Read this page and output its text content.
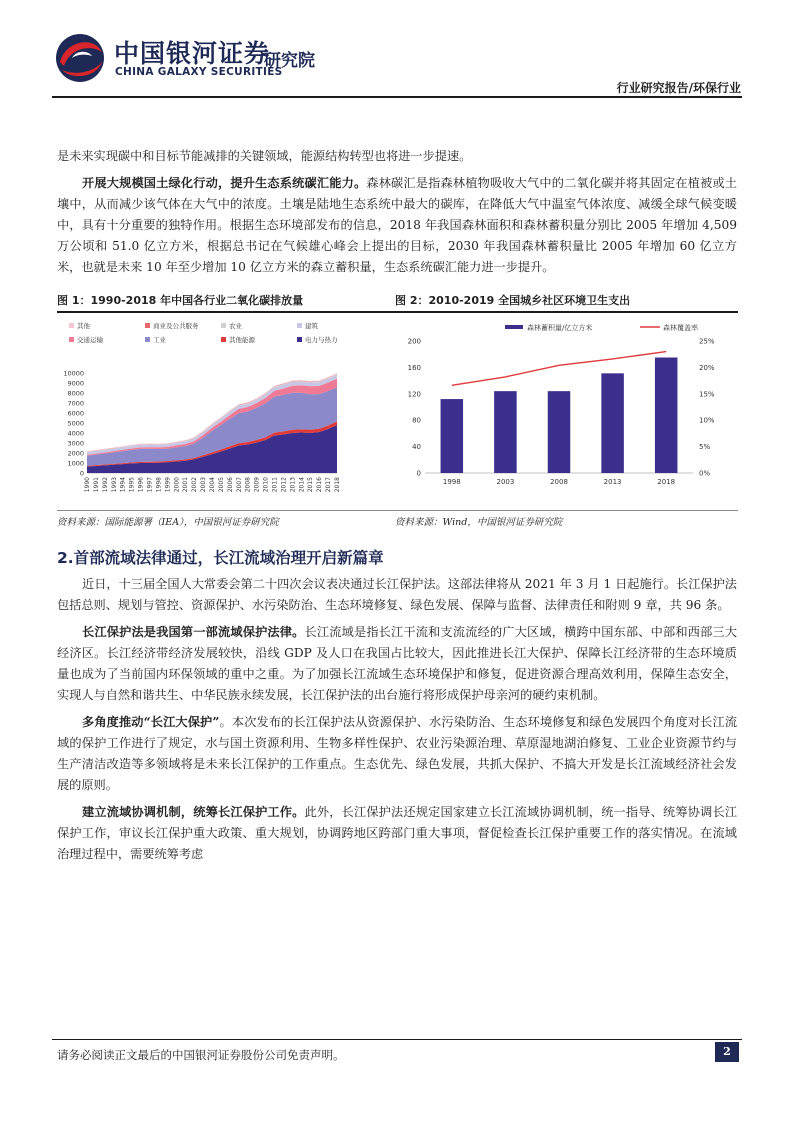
中国银河证券
CHINA GALAXY SECURITIES
研究院
行业研究报告/环保行业

是未来实现碳中和目标节能减排的关键领域，能源结构转型也将进一步提速。

开展大规模国土绿化行动，提升生态系统碳汇能力。森林碳汇是指森林植物吸收大气中的二氧化碳并将其固定在植被或土壤中，从而减少该气体在大气中的浓度。土壤是陆地生态系统中最大的碳库，在降低大气中温室气体浓度、减缓全球气候变暖中，具有十分重要的独特作用。根据生态环境部发布的信息，2018 年我国森林面积和森林蓄积量分别比 2005 年增加 4,509 万公顷和 51.0 亿立方米，根据总书记在气候雄心峰会上提出的目标，2030 年我国森林蓄积量比 2005 年增加 60 亿立方米，也就是未来 10 年至少增加 10 亿立方米的森立蓄积量，生态系统碳汇能力进一步提升。

图 1：1990-2018 年中国各行业二氧化碳排放量
其他	商业及公共服务	农业	建筑
交通运输	工业	其他能源	电力与热力
0
1000
2000
3000
4000
5000
6000
7000
8000
9000
10000
1990 1991 1992 1993 1994 1995 1996 1997 1998 1999 2000 2001 2002 2003 2004 2005 2006 2007 2008 2009 2010 2011 2012 2013 2014 2015 2016 2017 2018
资料来源：国际能源署（IEA），中国银河证券研究院
图 2：2010-2019 全国城乡社区环境卫生支出
森林蓄积量/亿立方米	森林覆盖率
0
40
80
120
160
200
0%
5%
10%
15%
20%
25%
1998	2003	2008	2013	2018
资料来源：Wind，中国银河证券研究院
2.首部流域法律通过，长江流域治理开启新篇章

近日，十三届全国人大常委会第二十四次会议表决通过长江保护法。这部法律将从 2021 年 3 月 1 日起施行。长江保护法包括总则、规划与管控、资源保护、水污染防治、生态环境修复、绿色发展、保障与监督、法律责任和附则 9 章，共 96 条。

长江保护法是我国第一部流域保护法律。长江流域是指长江干流和支流流经的广大区域，横跨中国东部、中部和西部三大经济区。长江经济带经济发展较快，沿线 GDP 及人口在我国占比较大，因此推进长江大保护、保障长江经济带的生态环境质量也成为了当前国内环保领域的重中之重。为了加强长江流域生态环境保护和修复，促进资源合理高效利用，保障生态安全，实现人与自然和谐共生、中华民族永续发展，长江保护法的出台施行将形成保护母亲河的硬约束机制。

多角度推动“长江大保护”。本次发布的长江保护法从资源保护、水污染防治、生态环境修复和绿色发展四个角度对长江流域的保护工作进行了规定，水与国土资源利用、生物多样性保护、农业污染源治理、草原湿地湖泊修复、工业企业资源节约与生产清洁改造等多领域将是未来长江保护的工作重点。生态优先、绿色发展，共抓大保护、不搞大开发是长江流域经济社会发展的原则。

建立流域协调机制，统筹长江保护工作。此外，长江保护法还规定国家建立长江流域协调机制，统一指导、统筹协调长江保护工作，审议长江保护重大政策、重大规划，协调跨地区跨部门重大事项，督促检查长江保护重要工作的落实情况。在流域治理过程中，需要统筹考虑

请务必阅读正文最后的中国银河证券股份公司免责声明。	2
